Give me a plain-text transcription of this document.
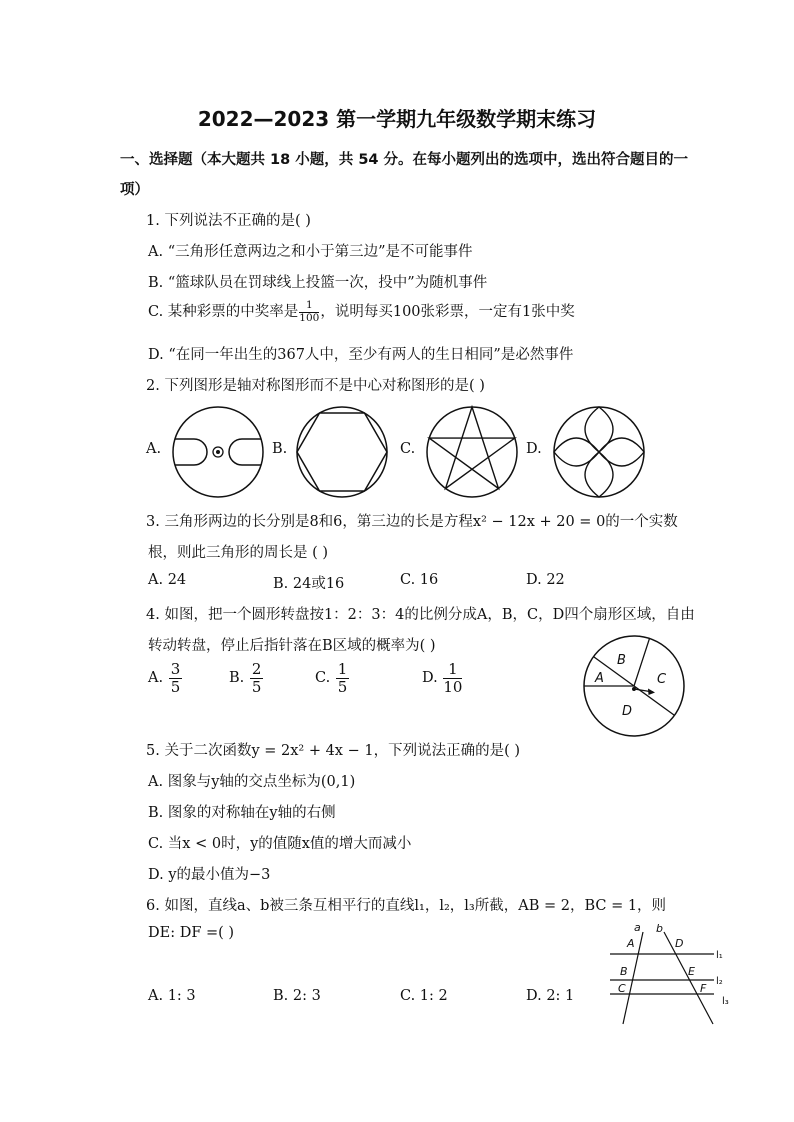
2022—2023 第一学期九年级数学期末练习
一、选择题（本大题共 18 小题，共 54 分。在每小题列出的选项中，选出符合题目的一
项）
1. 下列说法不正确的是( )
A. “三角形任意两边之和小于第三边”是不可能事件
B. “篮球队员在罚球线上投篮一次，投中”为随机事件
C. 某种彩票的中奖率是 $\frac{1}{100}$ ，说明每买100张彩票，一定有1张中奖
D. “在同一年出生的367人中，至少有两人的生日相同”是必然事件
2. 下列图形是轴对称图形而不是中心对称图形的是( )
A.	B.	C.	D.
3. 三角形两边的长分别是8和6，第三边的长是方程x² − 12x + 20 = 0的一个实数
根，则此三角形的周长是 ( )
A. 24	B. 24或16	C. 16	D. 22
4. 如图，把一个圆形转盘按1：2：3：4的比例分成A，B，C，D四个扇形区域，自由
转动转盘，停止后指针落在B区域的概率为( )
A. $\frac{3}{5}$	B. $\frac{2}{5}$	C. $\frac{1}{5}$	D. $\frac{1}{10}$
B
A	C
D
5. 关于二次函数y = 2x² + 4x − 1，下列说法正确的是( )
A. 图象与y轴的交点坐标为(0,1)
B. 图象的对称轴在y轴的右侧
C. 当x < 0时，y的值随x值的增大而减小
D. y的最小值为−3
6. 如图，直线a、b被三条互相平行的直线l₁，l₂，l₃所截，AB = 2，BC = 1，则
DE: DF =( )
A. 1: 3	B. 2: 3	C. 1: 2	D. 2: 1
a b
A	D
B	E
C	F
l₁
l₂
l₃
